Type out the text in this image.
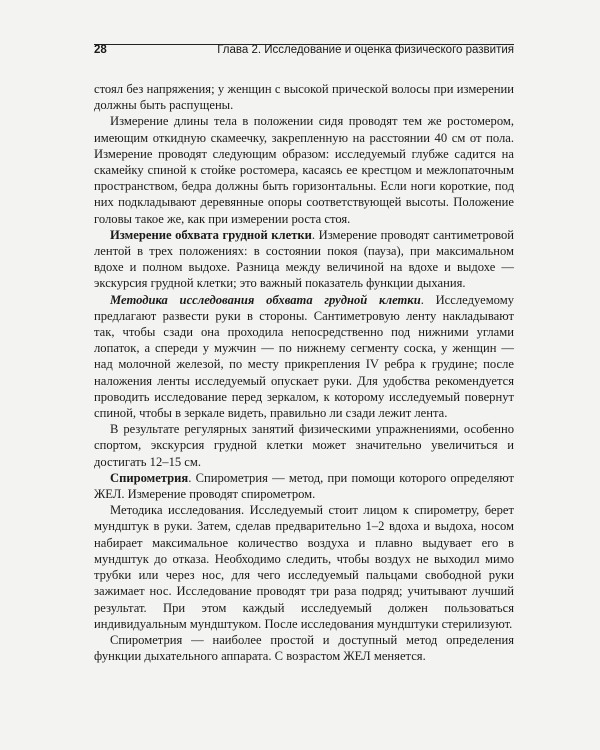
28	Глава 2. Исследование и оценка физического развития

стоял без напряжения; у женщин с высокой прической волосы при измерении должны быть распущены.

Измерение длины тела в положении сидя проводят тем же ростомером, имеющим откидную скамеечку, закрепленную на расстоянии 40 см от пола. Измерение проводят следующим образом: исследуемый глубже садится на скамейку спиной к стойке ростомера, касаясь ее крестцом и межлопаточным пространством, бедра должны быть горизонтальны. Если ноги короткие, под них подкладывают деревянные опоры соответствующей высоты. Положение головы такое же, как при измерении роста стоя.

Измерение обхвата грудной клетки. Измерение проводят сантиметровой лентой в трех положениях: в состоянии покоя (пауза), при максимальном вдохе и полном выдохе. Разница между величиной на вдохе и выдохе — экскурсия грудной клетки; это важный показатель функции дыхания.

Методика исследования обхвата грудной клетки. Исследуемому предлагают развести руки в стороны. Сантиметровую ленту накладывают так, чтобы сзади она проходила непосредственно под нижними углами лопаток, а спереди у мужчин — по нижнему сегменту соска, у женщин — над молочной железой, по месту прикрепления IV ребра к грудине; после наложения ленты исследуемый опускает руки. Для удобства рекомендуется проводить исследование перед зеркалом, к которому исследуемый повернут спиной, чтобы в зеркале видеть, правильно ли сзади лежит лента.

В результате регулярных занятий физическими упражнениями, особенно спортом, экскурсия грудной клетки может значительно увеличиться и достигать 12–15 см.

Спирометрия. Спирометрия — метод, при помощи которого определяют ЖЕЛ. Измерение проводят спирометром.

Методика исследования. Исследуемый стоит лицом к спирометру, берет мундштук в руки. Затем, сделав предварительно 1–2 вдоха и выдоха, носом набирает максимальное количество воздуха и плавно выдувает его в мундштук до отказа. Необходимо следить, чтобы воздух не выходил мимо трубки или через нос, для чего исследуемый пальцами свободной руки зажимает нос. Исследование проводят три раза подряд; учитывают лучший результат. При этом каждый исследуемый должен пользоваться индивидуальным мундштуком. После исследования мундштуки стерилизуют.

Спирометрия — наиболее простой и доступный метод определения функции дыхательного аппарата. С возрастом ЖЕЛ меняется.
